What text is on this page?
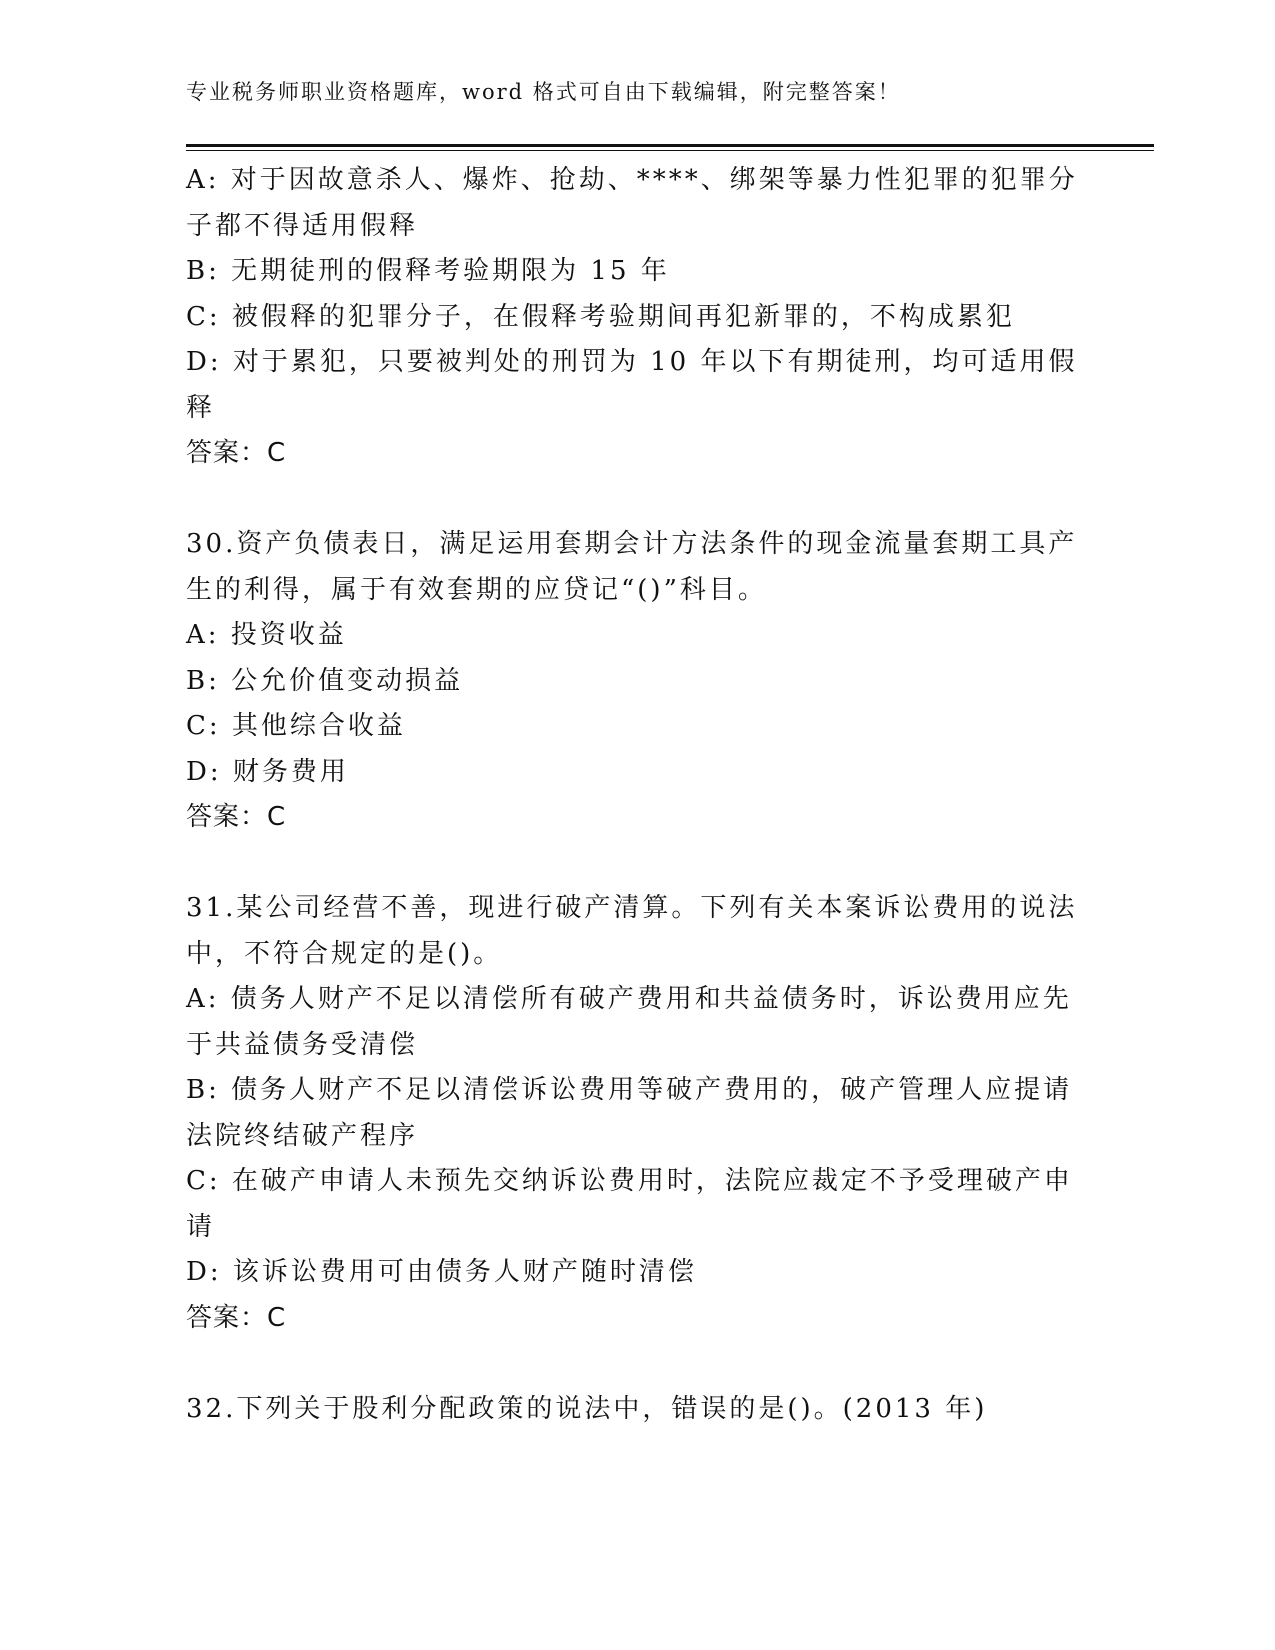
专业税务师职业资格题库，word 格式可自由下载编辑，附完整答案！
A: 对于因故意杀人、爆炸、抢劫、****、绑架等暴力性犯罪的犯罪分
子都不得适用假释
B: 无期徒刑的假释考验期限为 15 年
C: 被假释的犯罪分子，在假释考验期间再犯新罪的，不构成累犯
D: 对于累犯，只要被判处的刑罚为 10 年以下有期徒刑，均可适用假
释
答案：C
30.资产负债表日，满足运用套期会计方法条件的现金流量套期工具产
生的利得，属于有效套期的应贷记“()”科目。
A: 投资收益
B: 公允价值变动损益
C: 其他综合收益
D: 财务费用
答案：C
31.某公司经营不善，现进行破产清算。下列有关本案诉讼费用的说法
中，不符合规定的是()。
A: 债务人财产不足以清偿所有破产费用和共益债务时，诉讼费用应先
于共益债务受清偿
B: 债务人财产不足以清偿诉讼费用等破产费用的，破产管理人应提请
法院终结破产程序
C: 在破产申请人未预先交纳诉讼费用时，法院应裁定不予受理破产申
请
D: 该诉讼费用可由债务人财产随时清偿
答案：C
32.下列关于股利分配政策的说法中，错误的是()。(2013 年)
